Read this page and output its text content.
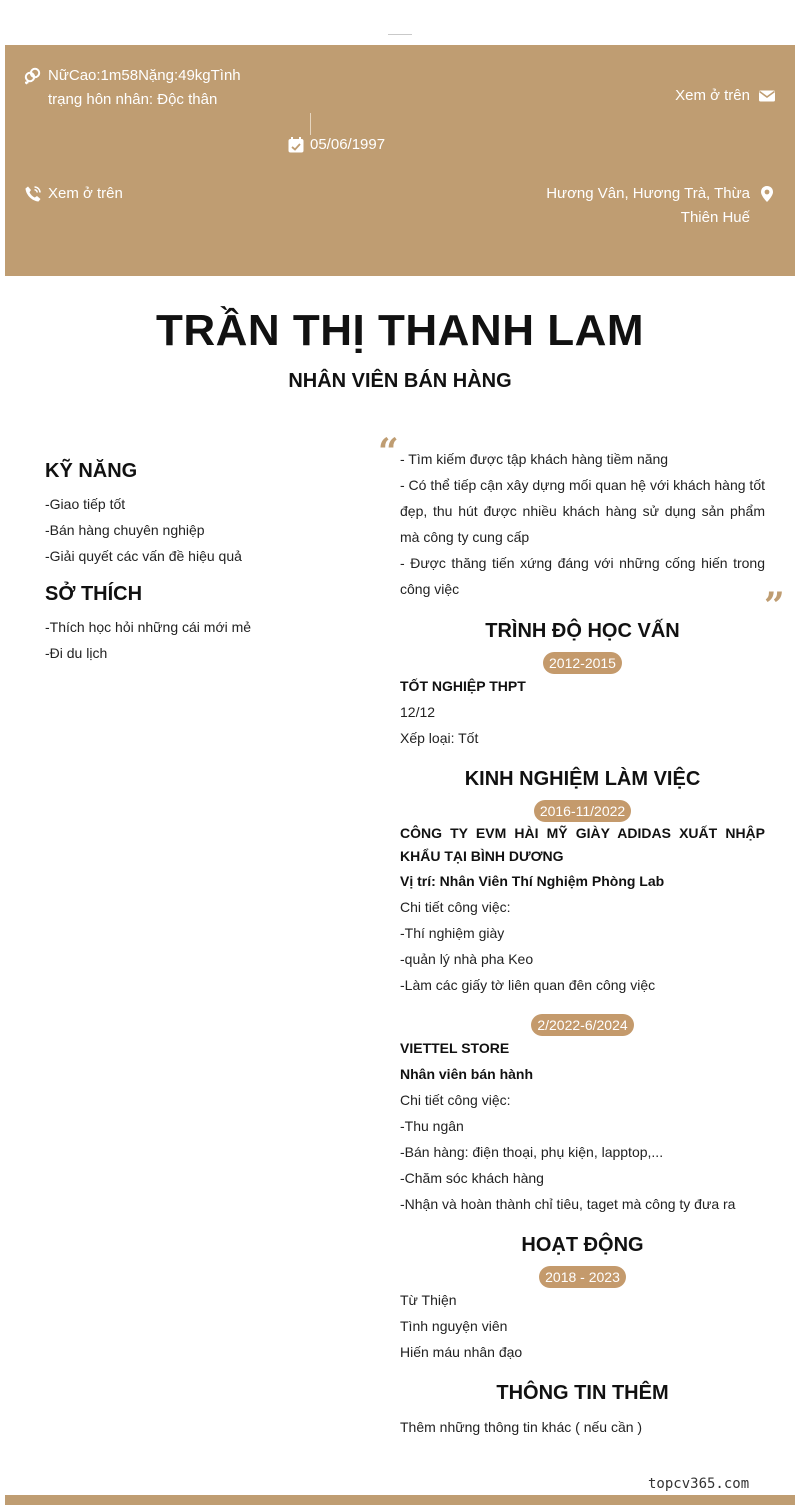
NữCao:1m58Nặng:49kgTình trạng hôn nhân: Độc thân	Xem ở trên
05/06/1997
Xem ở trên	Hương Vân, Hương Trà, Thừa Thiên Huế
TRẦN THỊ THANH LAM
NHÂN VIÊN BÁN HÀNG
KỸ NĂNG
-Giao tiếp tốt
-Bán hàng chuyên nghiệp
-Giải quyết các vấn đề hiệu quả
SỞ THÍCH
-Thích học hỏi những cái mới mẻ
-Đi du lịch
“ - Tìm kiếm được tập khách hàng tiềm năng
- Có thể tiếp cận xây dựng mối quan hệ với khách hàng tốt đẹp, thu hút được nhiều khách hàng sử dụng sản phẩm mà công ty cung cấp
- Được thăng tiến xứng đáng với những cống hiến trong công việc	”
TRÌNH ĐỘ HỌC VẤN
2012-2015
TỐT NGHIỆP THPT
12/12
Xếp loại: Tốt
KINH NGHIỆM LÀM VIỆC
2016-11/2022
CÔNG TY EVM HÀI MỸ GIÀY ADIDAS XUẤT NHẬP KHẨU TẠI BÌNH DƯƠNG
Vị trí: Nhân Viên Thí Nghiệm Phòng Lab
Chi tiết công việc:
-Thí nghiệm giày
-quản lý nhà pha Keo
-Làm các giấy tờ liên quan đên công việc
2/2022-6/2024
VIETTEL STORE
Nhân viên bán hành
Chi tiết công việc:
-Thu ngân
-Bán hàng: điện thoại, phụ kiện, lapptop,...
-Chăm sóc khách hàng
-Nhận và hoàn thành chỉ tiêu, taget mà công ty đưa ra
HOẠT ĐỘNG
2018 - 2023
Từ Thiện
Tình nguyện viên
Hiến máu nhân đạo
THÔNG TIN THÊM
Thêm những thông tin khác ( nếu cần )
topcv365.com
